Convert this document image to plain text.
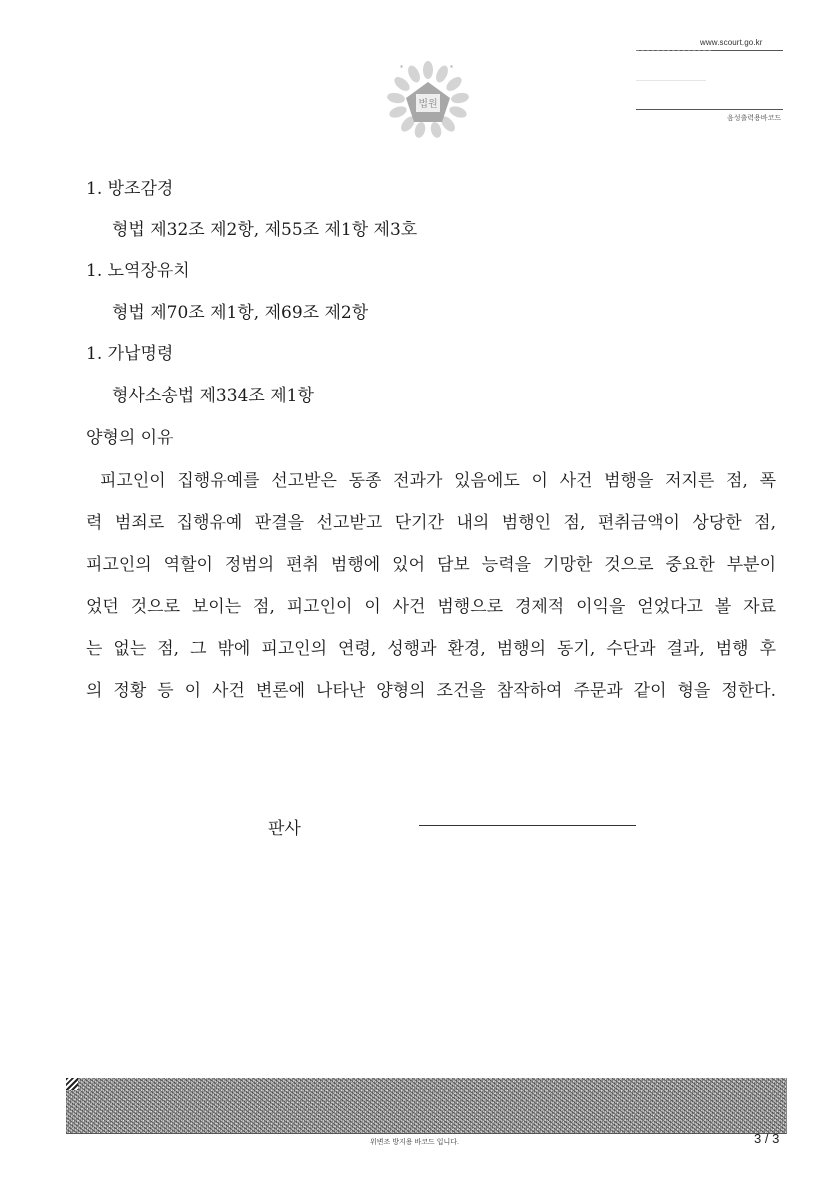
www.scourt.go.kr
음성출력용바코드
법원
*	*
1. 방조감경
형법 제32조 제2항, 제55조 제1항 제3호
1. 노역장유치
형법 제70조 제1항, 제69조 제2항
1. 가납명령
형사소송법 제334조 제1항
양형의 이유
피고인이 집행유예를 선고받은 동종 전과가 있음에도 이 사건 범행을 저지른 점, 폭
력 범죄로 집행유예 판결을 선고받고 단기간 내의 범행인 점, 편취금액이 상당한 점,
피고인의 역할이 정범의 편취 범행에 있어 담보 능력을 기망한 것으로 중요한 부분이
었던 것으로 보이는 점, 피고인이 이 사건 범행으로 경제적 이익을 얻었다고 볼 자료
는 없는 점, 그 밖에 피고인의 연령, 성행과 환경, 범행의 동기, 수단과 결과, 범행 후
의 정황 등 이 사건 변론에 나타난 양형의 조건을 참작하여 주문과 같이 형을 정한다.
판사
위변조 방지용 바코드 입니다.	3 / 3
